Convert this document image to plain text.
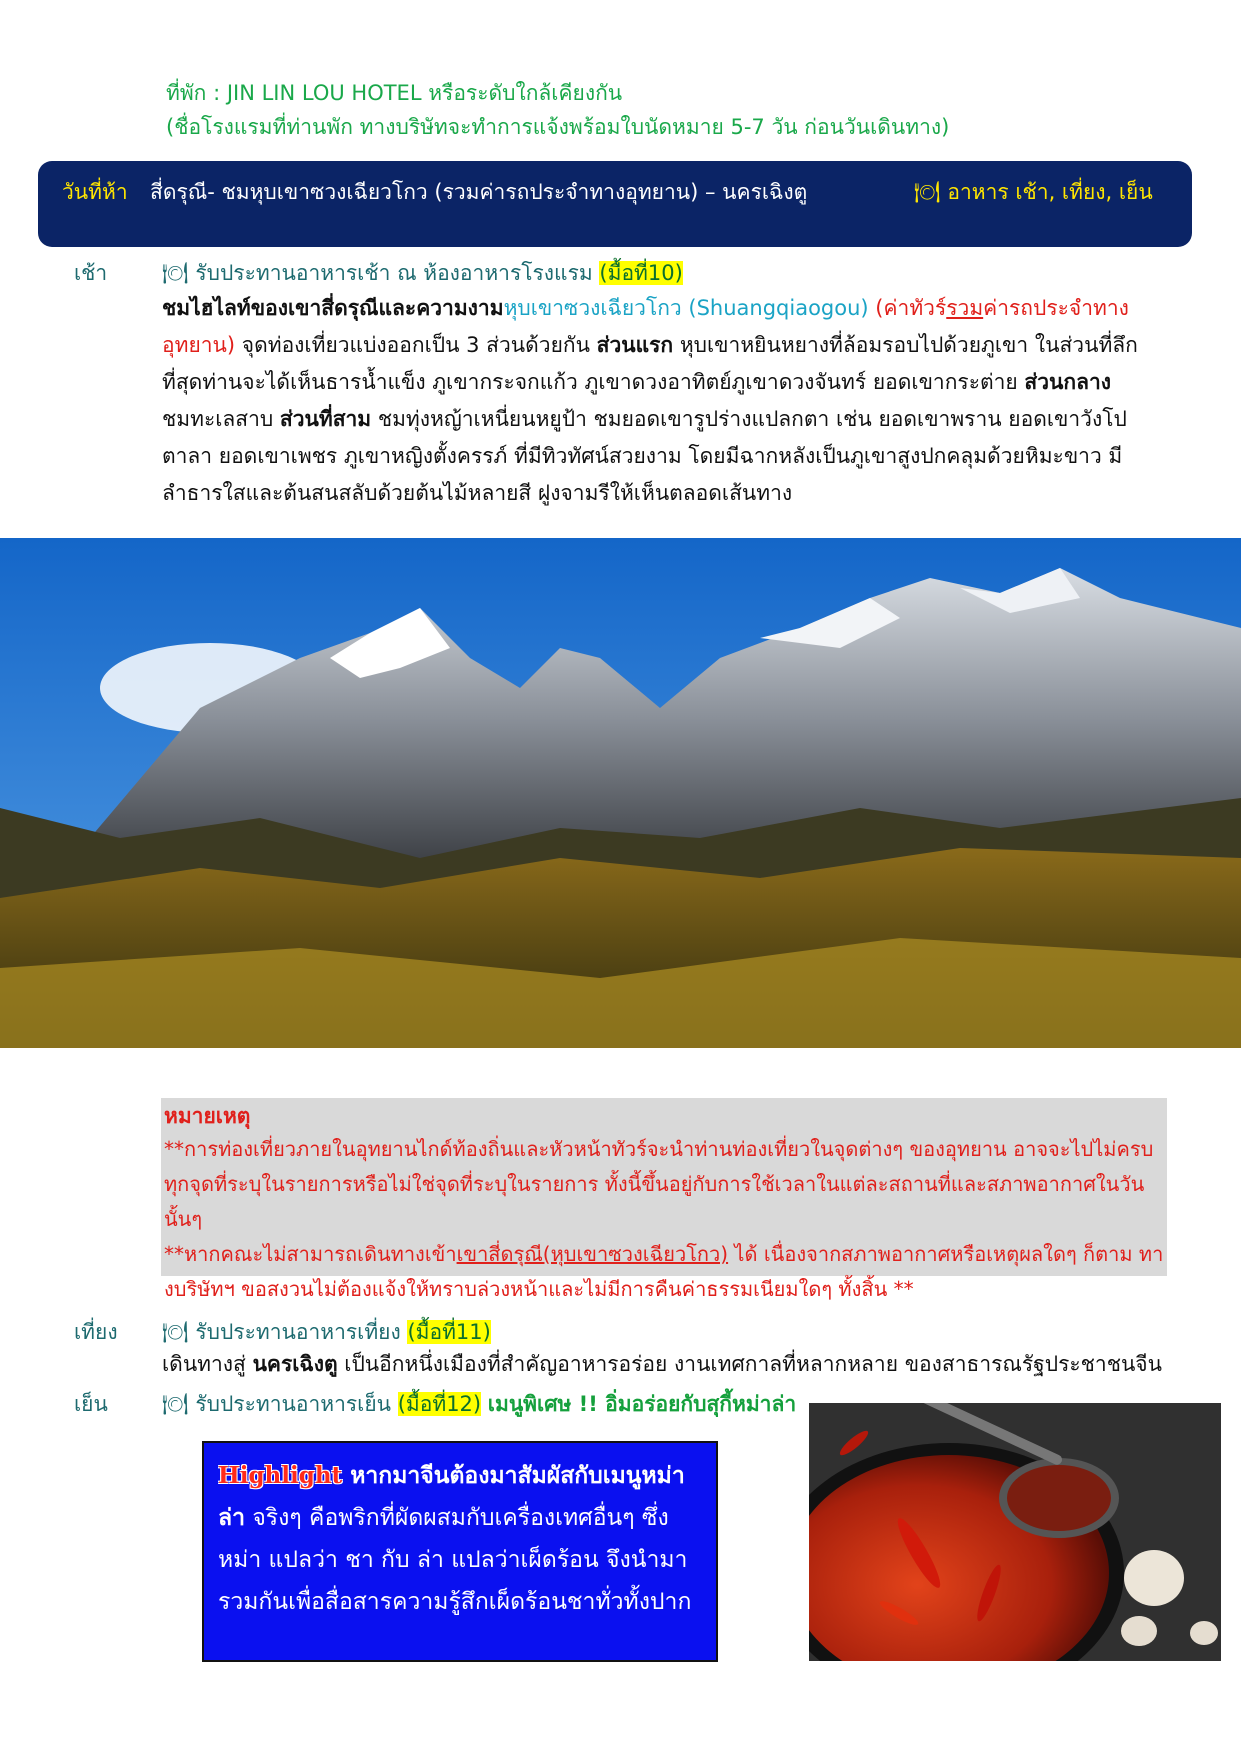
ที่พัก : JIN LIN LOU HOTEL หรือระดับใกล้เคียงกัน
(ชื่อโรงแรมที่ท่านพัก ทางบริษัทจะทำการแจ้งพร้อมใบนัดหมาย 5-7 วัน ก่อนวันเดินทาง)
วันที่ห้า สี่ดรุณี- ชมหุบเขาซวงเฉียวโกว (รวมค่ารถประจำทางอุทยาน) – นครเฉิงตู	🍽 อาหาร เช้า, เที่ยง, เย็น
เช้า	🍽 รับประทานอาหารเช้า ณ ห้องอาหารโรงแรม (มื้อที่10)
ชมไฮไลท์ของเขาสี่ดรุณีและความงามหุบเขาซวงเฉียวโกว (Shuangqiaogou) (ค่าทัวร์รวมค่ารถประจำทางอุทยาน) จุดท่องเที่ยวแบ่งออกเป็น 3 ส่วนด้วยกัน ส่วนแรก หุบเขาหยินหยางที่ล้อมรอบไปด้วยภูเขา ในส่วนที่ลึกที่สุดท่านจะได้เห็นธารน้ำแข็ง ภูเขากระจกแก้ว ภูเขาดวงอาทิตย์ภูเขาดวงจันทร์ ยอดเขากระต่าย ส่วนกลาง ชมทะเลสาบ ส่วนที่สาม ชมทุ่งหญ้าเหนี่ยนหยูป้า ชมยอดเขารูปร่างแปลกตา เช่น ยอดเขาพราน ยอดเขาวังโปตาลา ยอดเขาเพชร ภูเขาหญิงตั้งครรภ์ ที่มีทิวทัศน์สวยงาม โดยมีฉากหลังเป็นภูเขาสูงปกคลุมด้วยหิมะขาว มีลำธารใสและต้นสนสลับด้วยต้นไม้หลายสี ฝูงจามรีให้เห็นตลอดเส้นทาง
หมายเหตุ
**การท่องเที่ยวภายในอุทยานไกด์ท้องถิ่นและหัวหน้าทัวร์จะนำท่านท่องเที่ยวในจุดต่างๆ ของอุทยาน อาจจะไปไม่ครบทุกจุดที่ระบุในรายการหรือไม่ใช่จุดที่ระบุในรายการ ทั้งนี้ขึ้นอยู่กับการใช้เวลาในแต่ละสถานที่และสภาพอากาศในวันนั้นๆ
**หากคณะไม่สามารถเดินทางเข้าเขาสี่ดรุณี(หุบเขาซวงเฉียวโกว) ได้ เนื่องจากสภาพอากาศหรือเหตุผลใดๆ ก็ตาม ทางบริษัทฯ ขอสงวนไม่ต้องแจ้งให้ทราบล่วงหน้าและไม่มีการคืนค่าธรรมเนียมใดๆ ทั้งสิ้น **
เที่ยง 🍽 รับประทานอาหารเที่ยง (มื้อที่11)
เดินทางสู่ นครเฉิงตู เป็นอีกหนึ่งเมืองที่สำคัญอาหารอร่อย งานเทศกาลที่หลากหลาย ของสาธารณรัฐประชาชนจีน
เย็น	🍽 รับประทานอาหารเย็น (มื้อที่12) เมนูพิเศษ !! อิ่มอร่อยกับสุกี้หม่าล่า
Highlight หากมาจีนต้องมาสัมผัสกับเมนูหม่าล่า จริงๆ คือพริกที่ผัดผสมกับเครื่องเทศอื่นๆ ซึ่ง หม่า แปลว่า ชา กับ ล่า แปลว่าเผ็ดร้อน จึงนำมารวมกันเพื่อสื่อสารความรู้สึกเผ็ดร้อนชาทั่วทั้งปาก
